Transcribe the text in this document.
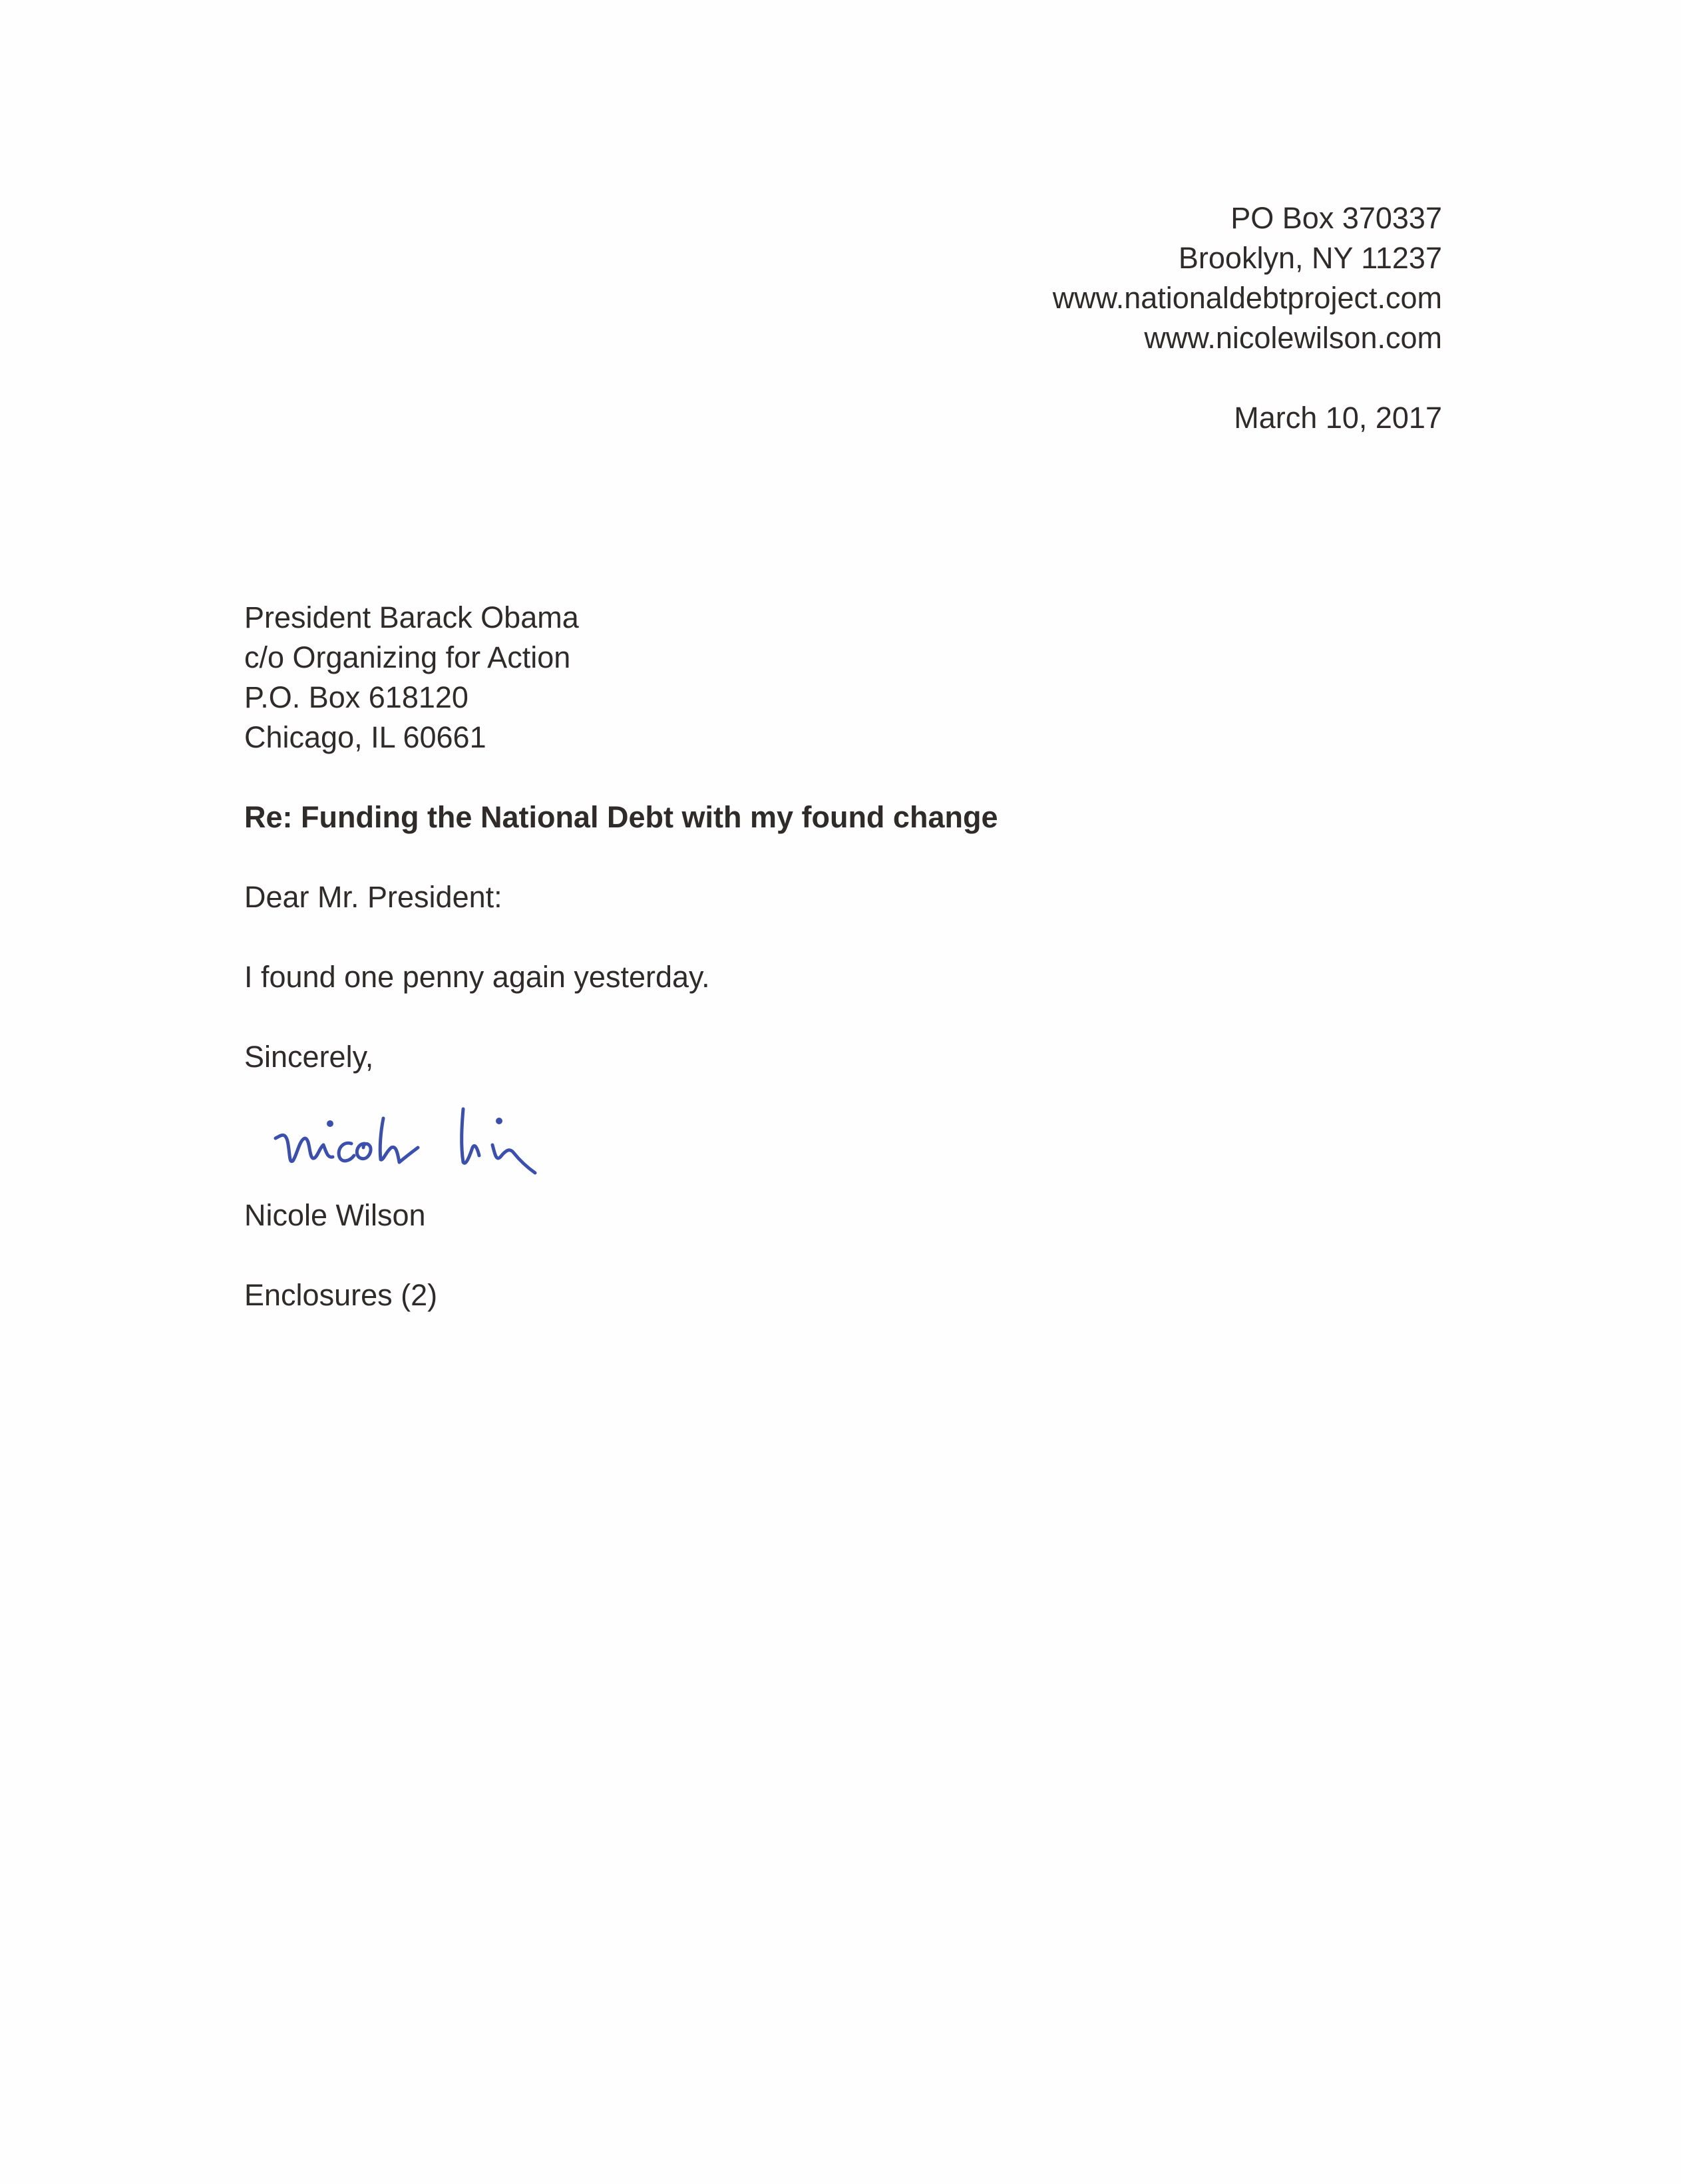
PO Box 370337
Brooklyn, NY 11237
www.nationaldebtproject.com
www.nicolewilson.com
March 10, 2017
President Barack Obama
c/o Organizing for Action
P.O. Box 618120
Chicago, IL 60661
Re: Funding the National Debt with my found change
Dear Mr. President:
I found one penny again yesterday.
Sincerely,
Nicole Wilson
Enclosures (2)
